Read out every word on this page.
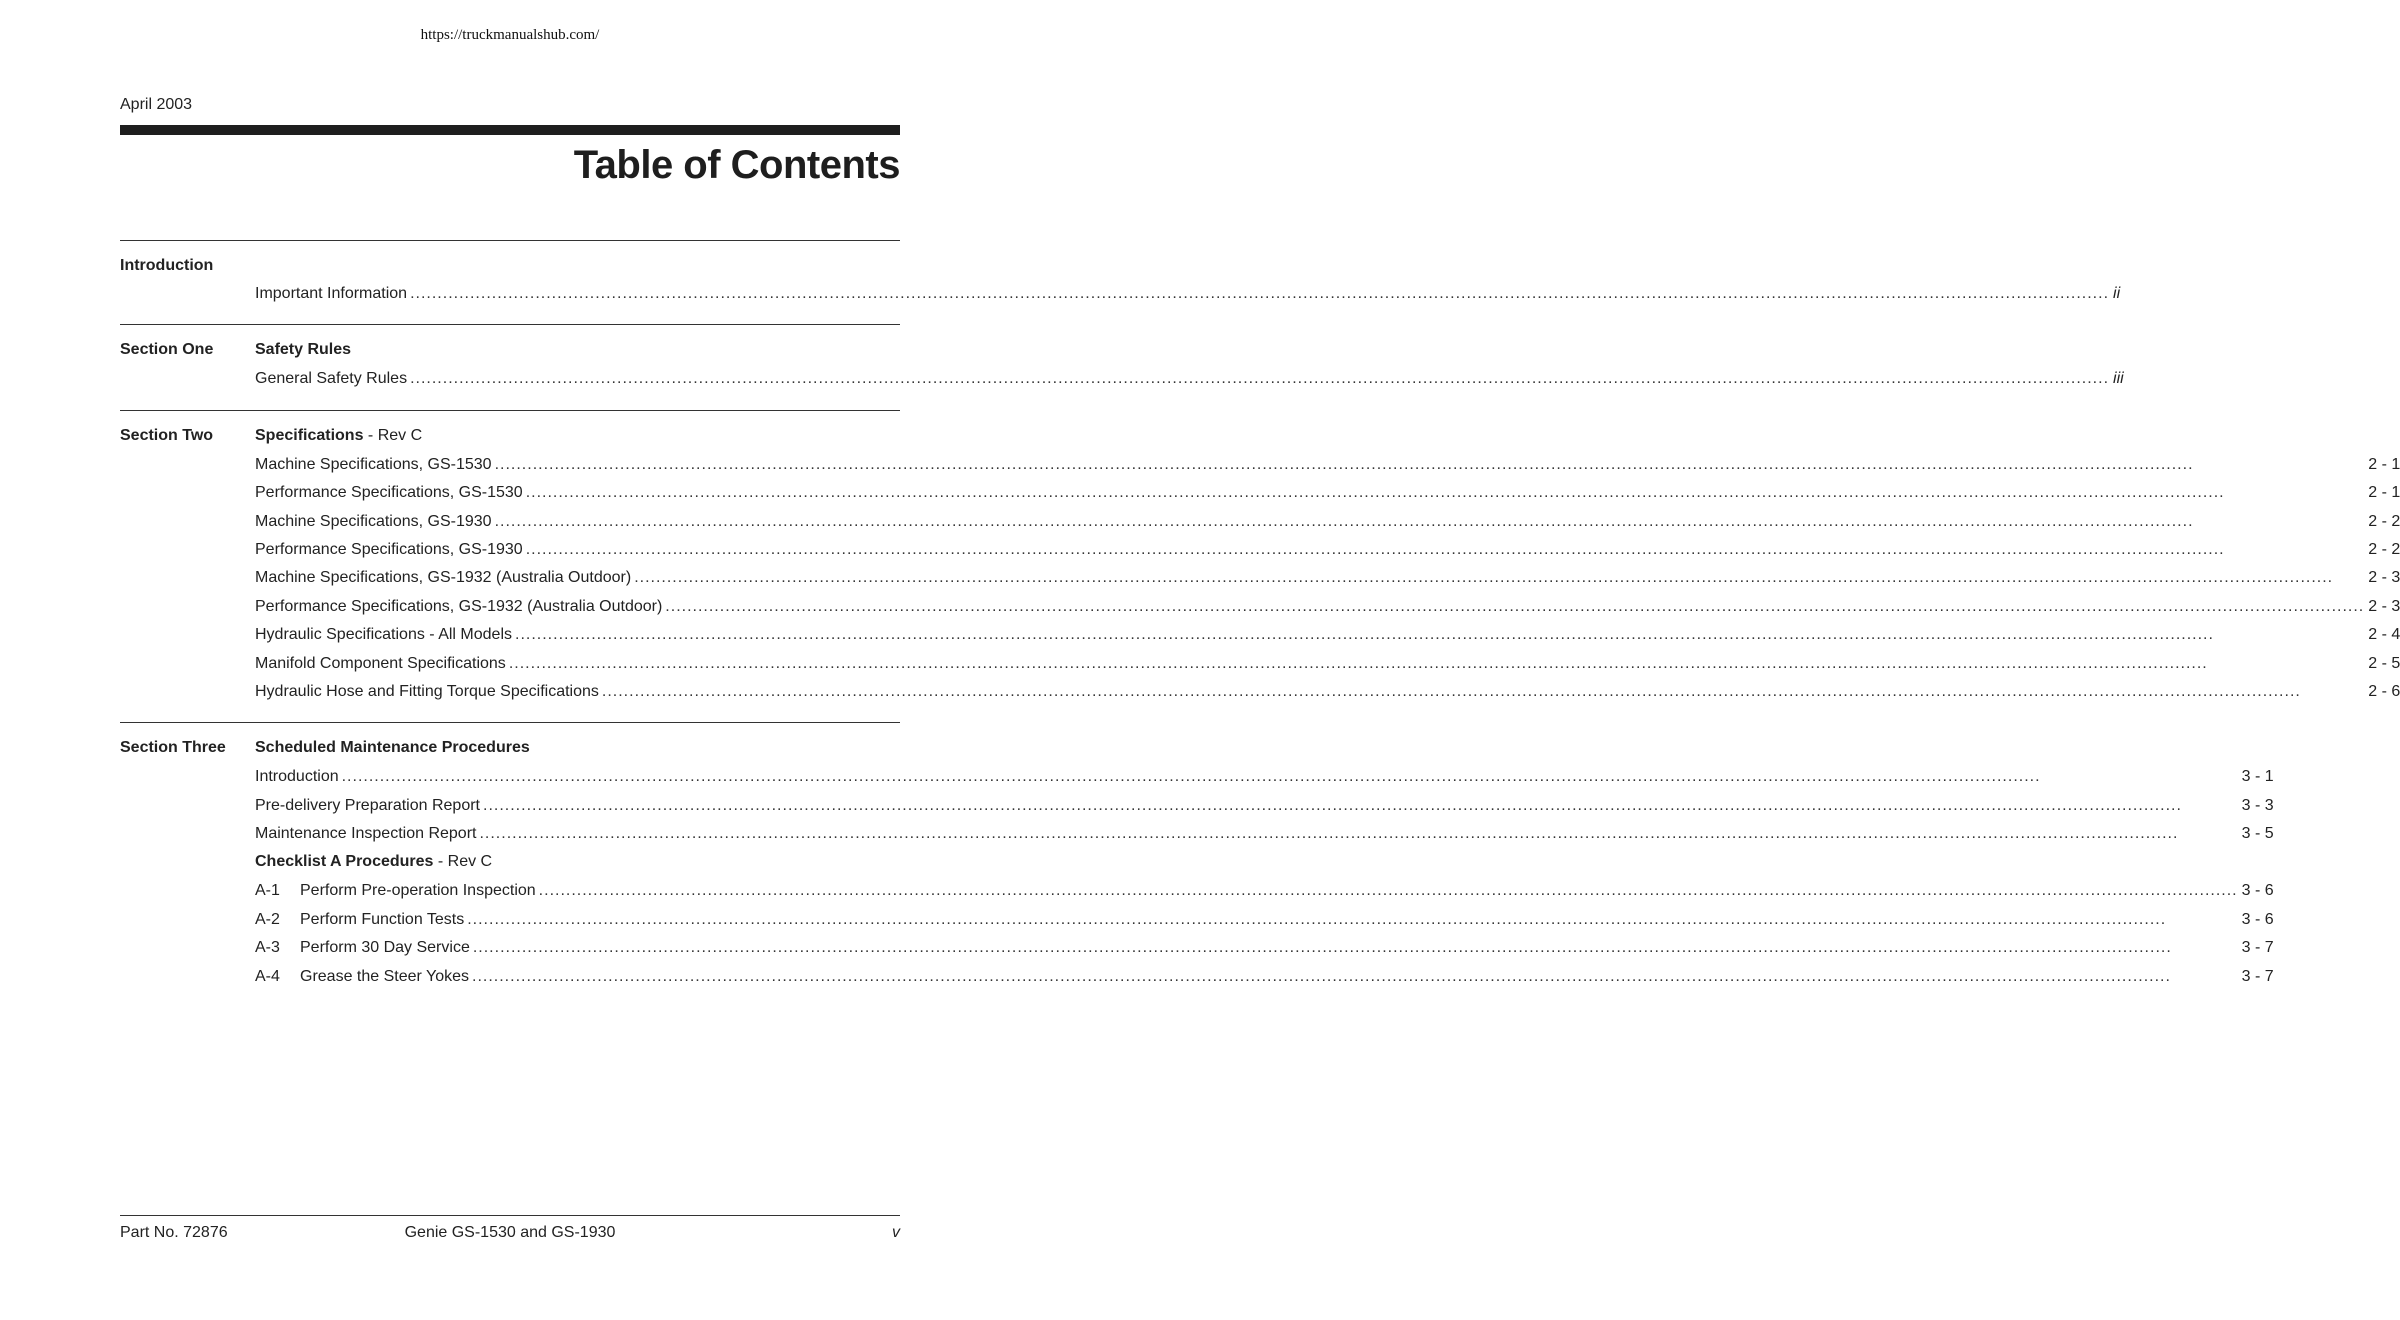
https://truckmanualshub.com/
April 2003
Table of Contents
Introduction
Important Information .....	ii
Section One	Safety Rules
General Safety Rules .....	iii
Section Two	Specifications - Rev C
Machine Specifications, GS-1530 .....	2 - 1
Performance Specifications, GS-1530 .....	2 - 1
Machine Specifications, GS-1930 .....	2 - 2
Performance Specifications, GS-1930 .....	2 - 2
Machine Specifications, GS-1932 (Australia Outdoor) .....	2 - 3
Performance Specifications, GS-1932 (Australia Outdoor) .....	2 - 3
Hydraulic Specifications - All Models .....	2 - 4
Manifold Component Specifications .....	2 - 5
Hydraulic Hose and Fitting Torque Specifications .....	2 - 6
Section Three	Scheduled Maintenance Procedures
Introduction .....	3 - 1
Pre-delivery Preparation Report .....	3 - 3
Maintenance Inspection Report .....	3 - 5
Checklist A Procedures - Rev C
A-1	Perform Pre-operation Inspection .....	3 - 6
A-2	Perform Function Tests .....	3 - 6
A-3	Perform 30 Day Service .....	3 - 7
A-4	Grease the Steer Yokes .....	3 - 7
Part No. 72876	Genie GS-1530 and GS-1930	v
